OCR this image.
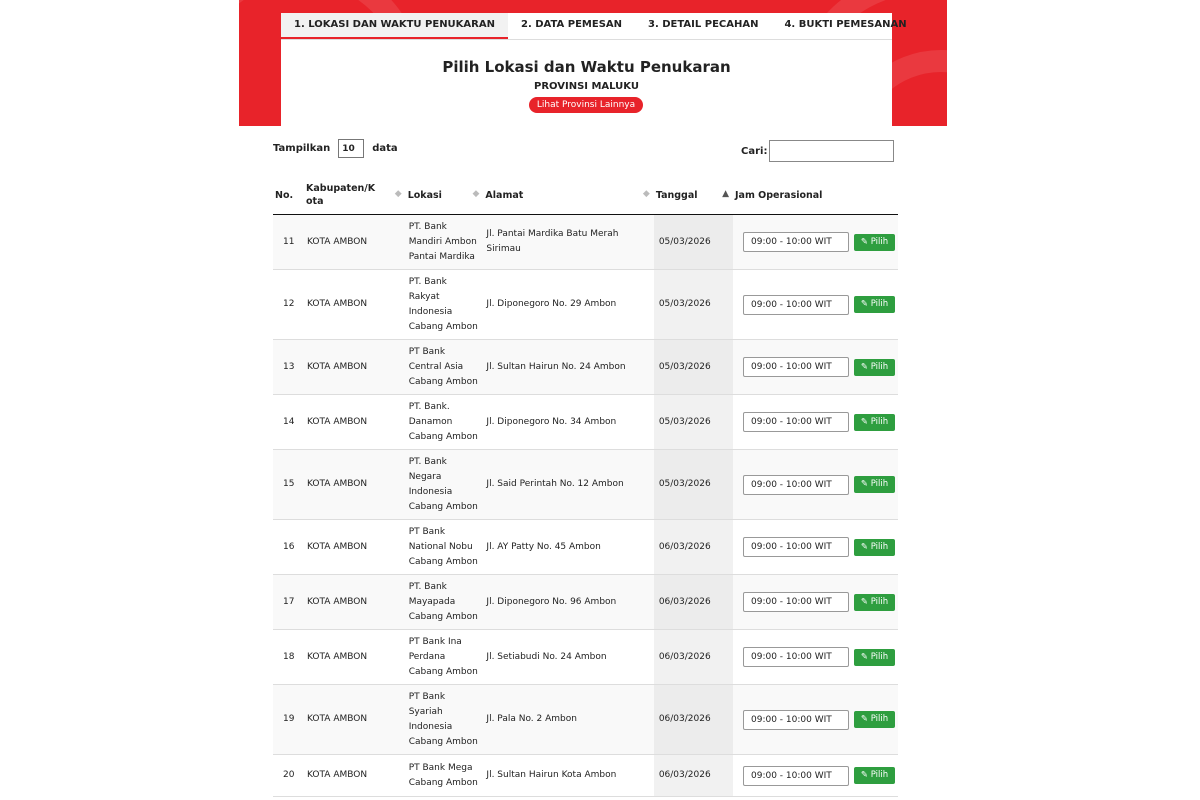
1. LOKASI DAN WAKTU PENUKARAN	2. DATA PEMESAN	3. DETAIL PECAHAN	4. BUKTI PEMESANAN
Pilih Lokasi dan Waktu Penukaran
PROVINSI MALUKU
Lihat Provinsi Lainnya
Tampilkan	10	data	Cari:
No.	Kabupaten/Kota
◆	Lokasi ◆	Alamat ◆	Tanggal ▲	Jam Operasional
11	KOTA AMBON	PT. Bank Mandiri Ambon Pantai Mardika	Jl. Pantai Mardika Batu Merah Sirimau	05/03/2026	09:00 - 10:00 WIT ✎ Pilih
12	KOTA AMBON	PT. Bank Rakyat Indonesia Cabang Ambon	Jl. Diponegoro No. 29 Ambon	05/03/2026	09:00 - 10:00 WIT ✎ Pilih
13	KOTA AMBON	PT Bank Central Asia Cabang Ambon	Jl. Sultan Hairun No. 24 Ambon	05/03/2026	09:00 - 10:00 WIT ✎ Pilih
14	KOTA AMBON	PT. Bank. Danamon Cabang Ambon	Jl. Diponegoro No. 34 Ambon	05/03/2026	09:00 - 10:00 WIT ✎ Pilih
15	KOTA AMBON	PT. Bank Negara Indonesia Cabang Ambon	Jl. Said Perintah No. 12 Ambon	05/03/2026	09:00 - 10:00 WIT ✎ Pilih
16	KOTA AMBON	PT Bank National Nobu Cabang Ambon	Jl. AY Patty No. 45 Ambon	06/03/2026	09:00 - 10:00 WIT ✎ Pilih
17	KOTA AMBON	PT. Bank Mayapada Cabang Ambon	Jl. Diponegoro No. 96 Ambon	06/03/2026	09:00 - 10:00 WIT ✎ Pilih
18	KOTA AMBON	PT Bank Ina Perdana Cabang Ambon	Jl. Setiabudi No. 24 Ambon	06/03/2026	09:00 - 10:00 WIT ✎ Pilih
19	KOTA AMBON	PT Bank Syariah Indonesia Cabang Ambon	Jl. Pala No. 2 Ambon	06/03/2026	09:00 - 10:00 WIT ✎ Pilih
20	KOTA AMBON	PT Bank Mega Cabang Ambon	Jl. Sultan Hairun Kota Ambon	06/03/2026	09:00 - 10:00 WIT ✎ Pilih
